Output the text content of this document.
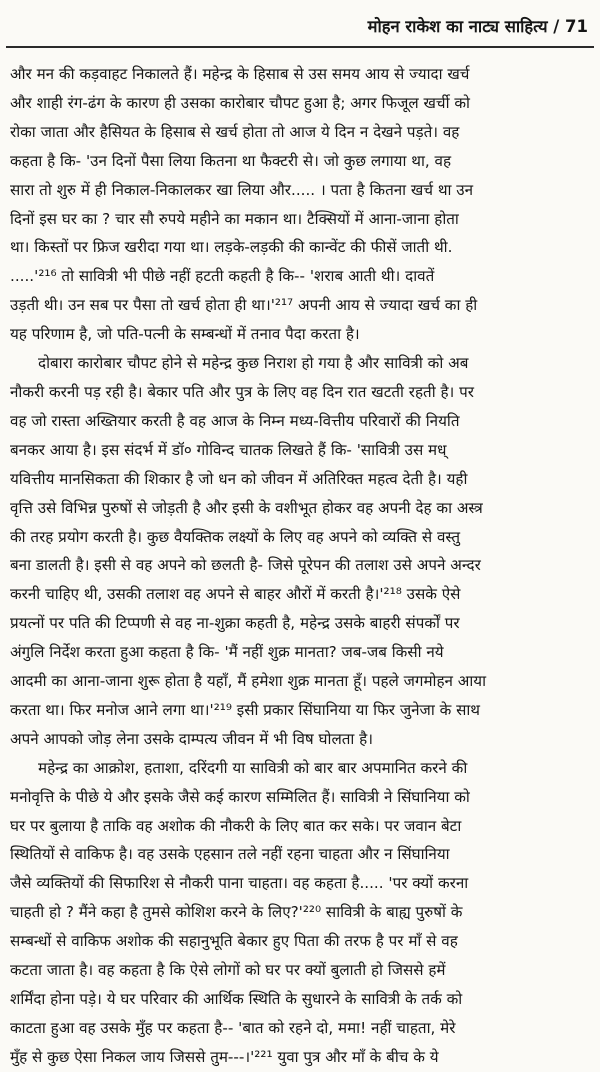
मोहन राकेश का नाट्य साहित्य / 71

और मन की कड़वाहट निकालते हैं। महेन्द्र के हिसाब से उस समय आय से ज्यादा खर्च
और शाही रंग-ढंग के कारण ही उसका कारोबार चौपट हुआ है; अगर फिजूल खर्ची को
रोका जाता और हैसियत के हिसाब से खर्च होता तो आज ये दिन न देखने पड़ते। वह
कहता है कि- 'उन दिनों पैसा लिया कितना था फैक्टरी से। जो कुछ लगाया था, वह
सारा तो शुरु में ही निकाल-निकालकर खा लिया और..... । पता है कितना खर्च था उन
दिनों इस घर का ? चार सौ रुपये महीने का मकान था। टैक्सियों में आना-जाना होता
था। किस्तों पर फ्रिज खरीदा गया था। लड़के-लड़की की कान्वेंट की फीसें जाती थी.
.....'²¹⁶ तो सावित्री भी पीछे नहीं हटती कहती है कि-- 'शराब आती थी। दावतें
उड़ती थी। उन सब पर पैसा तो खर्च होता ही था।'²¹⁷ अपनी आय से ज्यादा खर्च का ही
यह परिणाम है, जो पति-पत्नी के सम्बन्धों में तनाव पैदा करता है।

दोबारा कारोबार चौपट होने से महेन्द्र कुछ निराश हो गया है और सावित्री को अब
नौकरी करनी पड़ रही है। बेकार पति और पुत्र के लिए वह दिन रात खटती रहती है। पर
वह जो रास्ता अख्तियार करती है वह आज के निम्न मध्य-वित्तीय परिवारों की नियति
बनकर आया है। इस संदर्भ में डॉ० गोविन्द चातक लिखते हैं कि- 'सावित्री उस मध्
यवित्तीय मानसिकता की शिकार है जो धन को जीवन में अतिरिक्त महत्व देती है। यही
वृत्ति उसे विभिन्न पुरुषों से जोड़ती है और इसी के वशीभूत होकर वह अपनी देह का अस्त्र
की तरह प्रयोग करती है। कुछ वैयक्तिक लक्ष्यों के लिए वह अपने को व्यक्ति से वस्तु
बना डालती है। इसी से वह अपने को छलती है- जिसे पूरेपन की तलाश उसे अपने अन्दर
करनी चाहिए थी, उसकी तलाश वह अपने से बाहर औरों में करती है।'²¹⁸ उसके ऐसे
प्रयत्नों पर पति की टिप्पणी से वह ना-शुक्रा कहती है, महेन्द्र उसके बाहरी संपर्कों पर
अंगुलि निर्देश करता हुआ कहता है कि- 'मैं नहीं शुक्र मानता? जब-जब किसी नये
आदमी का आना-जाना शुरू होता है यहाँ, मैं हमेशा शुक्र मानता हूँ। पहले जगमोहन आया
करता था। फिर मनोज आने लगा था।'²¹⁹ इसी प्रकार सिंघानिया या फिर जुनेजा के साथ
अपने आपको जोड़ लेना उसके दाम्पत्य जीवन में भी विष घोलता है।

महेन्द्र का आक्रोश, हताशा, दरिंदगी या सावित्री को बार बार अपमानित करने की
मनोवृत्ति के पीछे ये और इसके जैसे कई कारण सम्मिलित हैं। सावित्री ने सिंघानिया को
घर पर बुलाया है ताकि वह अशोक की नौकरी के लिए बात कर सके। पर जवान बेटा
स्थितियों से वाकिफ है। वह उसके एहसान तले नहीं रहना चाहता और न सिंघानिया
जैसे व्यक्तियों की सिफारिश से नौकरी पाना चाहता। वह कहता है..... 'पर क्यों करना
चाहती हो ? मैंने कहा है तुमसे कोशिश करने के लिए?'²²⁰ सावित्री के बाह्य पुरुषों के
सम्बन्धों से वाकिफ अशोक की सहानुभूति बेकार हुए पिता की तरफ है पर माँ से वह
कटता जाता है। वह कहता है कि ऐसे लोगों को घर पर क्यों बुलाती हो जिससे हमें
शर्मिंदा होना पड़े। ये घर परिवार की आर्थिक स्थिति के सुधारने के सावित्री के तर्क को
काटता हुआ वह उसके मुँह पर कहता है-- 'बात को रहने दो, ममा! नहीं चाहता, मेरे
मुँह से कुछ ऐसा निकल जाय जिससे तुम---।'²²¹ युवा पुत्र और माँ के बीच के ये
